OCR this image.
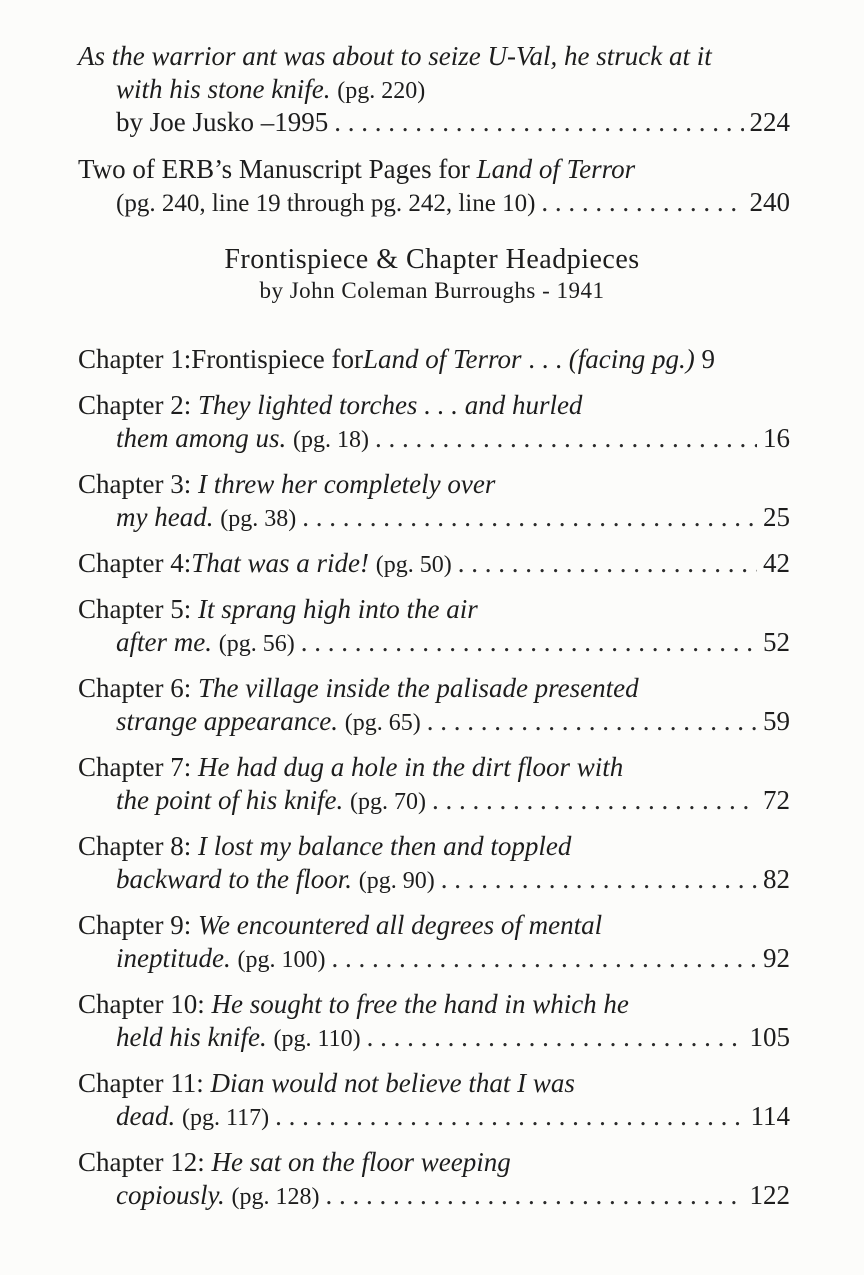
As the warrior ant was about to seize U-Val, he struck at it
with his stone knife.
(pg. 220)
by Joe Jusko –1995 . . .	224
Two of ERB’s Manuscript Pages for Land of Terror
(pg. 240, line 19 through pg. 242, line 10) . . .	240
Frontispiece & Chapter Headpieces
by John Coleman Burroughs - 1941
Chapter 1: Frontispiece for Land of Terror . . . (facing pg.)
9
Chapter 2: They lighted torches . . . and hurled
them among us.
(pg. 18) . . .	16
Chapter 3: I threw her completely over
my head.
(pg. 38) . . .	25
Chapter 4: That was a ride!
(pg. 50) . . .	42
Chapter 5: It sprang high into the air
after me.
(pg. 56) . . .	52
Chapter 6: The village inside the palisade presented
strange appearance.
(pg. 65) . . .	59
Chapter 7: He had dug a hole in the dirt floor with
the point of his knife.
(pg. 70) . . .	72
Chapter 8: I lost my balance then and toppled
backward to the floor.
(pg. 90) . . .	82
Chapter 9: We encountered all degrees of mental
ineptitude.
(pg. 100) . . .	92
Chapter 10: He sought to free the hand in which he
held his knife.
(pg. 110) . . .	105
Chapter 11: Dian would not believe that I was
dead.
(pg. 117) . . .	114
Chapter 12: He sat on the floor weeping
copiously.
(pg. 128) . . .	122
